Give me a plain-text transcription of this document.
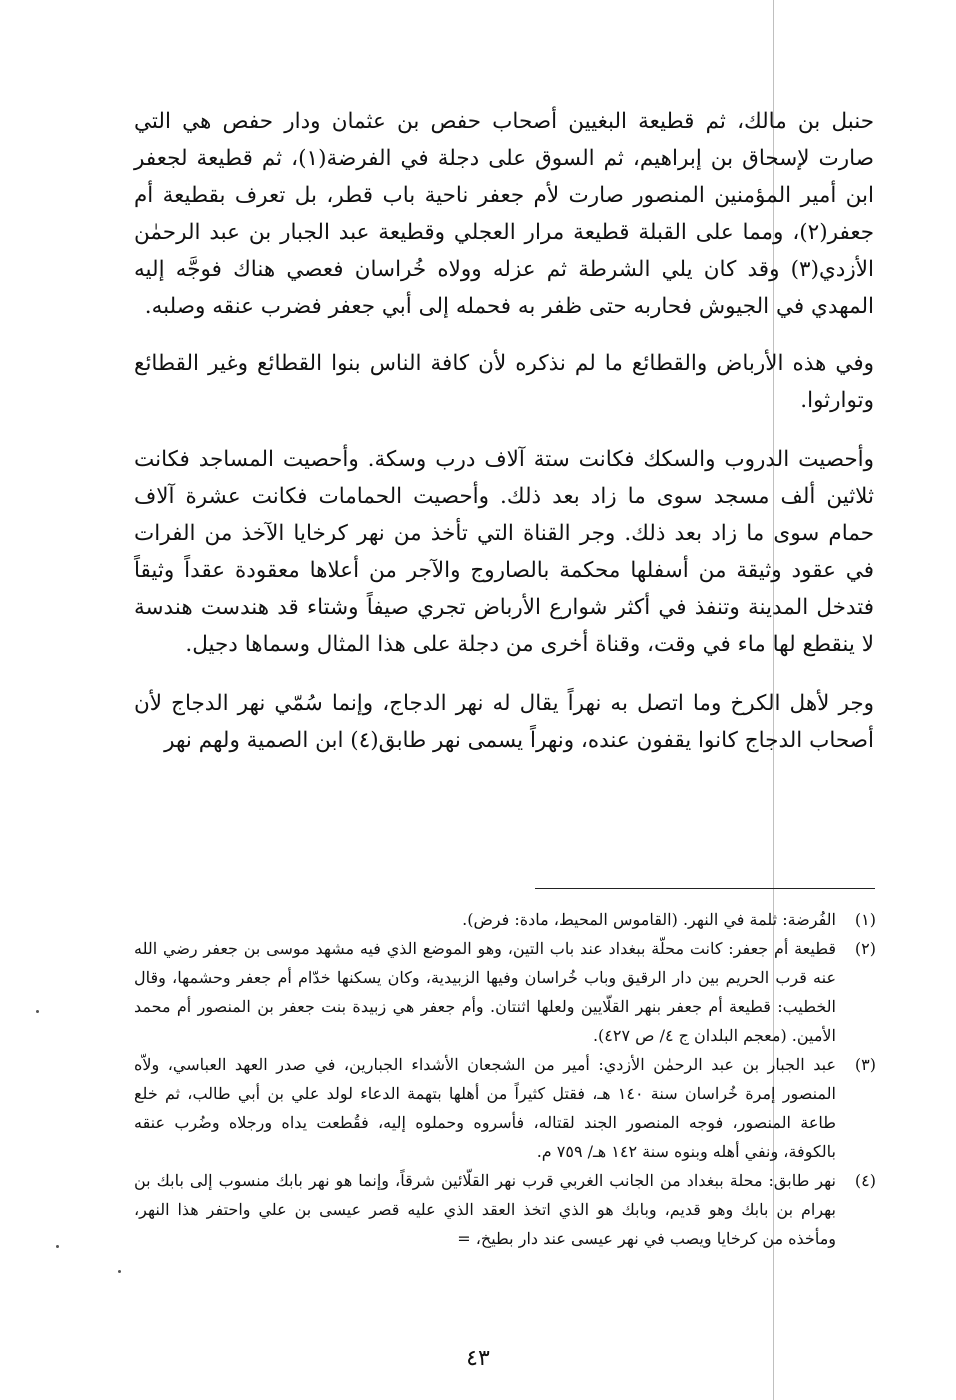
حنبل بن مالك، ثم قطيعة البغيين أصحاب حفص بن عثمان ودار حفص هي التي صارت لإسحاق بن إبراهيم، ثم السوق على دجلة في الفرضة(١)، ثم قطيعة لجعفر ابن أمير المؤمنين المنصور صارت لأم جعفر ناحية باب قطر، بل تعرف بقطيعة أم جعفر(٢)، ومما على القبلة قطيعة مرار العجلي وقطيعة عبد الجبار بن عبد الرحمٰن الأزدي(٣) وقد كان يلي الشرطة ثم عزله وولاه خُراسان فعصي هناك فوجَّه إليه المهدي في الجيوش فحاربه حتى ظفر به فحمله إلى أبي جعفر فضرب عنقه وصلبه.

وفي هذه الأرباض والقطائع ما لم نذكره لأن كافة الناس بنوا القطائع وغير القطائع وتوارثوا.

وأحصيت الدروب والسكك فكانت ستة آلاف درب وسكة. وأحصيت المساجد فكانت ثلاثين ألف مسجد سوى ما زاد بعد ذلك. وأحصيت الحمامات فكانت عشرة آلاف حمام سوى ما زاد بعد ذلك. وجر القناة التي تأخذ من نهر كرخايا الآخذ من الفرات في عقود وثيقة من أسفلها محكمة بالصاروج والآجر من أعلاها معقودة عقداً وثيقاً فتدخل المدينة وتنفذ في أكثر شوارع الأرباض تجري صيفاً وشتاء قد هندست هندسة لا ينقطع لها ماء في وقت، وقناة أخرى من دجلة على هذا المثال وسماها دجيل.

وجر لأهل الكرخ وما اتصل به نهراً يقال له نهر الدجاج، وإنما سُمّي نهر الدجاج لأن أصحاب الدجاج كانوا يقفون عنده، ونهراً يسمى نهر طابق(٤) ابن الصمية ولهم نهر

(١)
الفُرضة: ثلمة في النهر. (القاموس المحيط، مادة: فرض).
(٢)
قطيعة أم جعفر: كانت محلّة ببغداد عند باب التين، وهو الموضع الذي فيه مشهد موسى بن جعفر رضي الله عنه قرب الحريم بين دار الرقيق وباب خُراسان وفيها الزبيدية، وكان يسكنها خدّام أم جعفر وحشمها، وقال الخطيب: قطيعة أم جعفر بنهر القلّايين ولعلها اثنتان. وأم جعفر هي زبيدة بنت جعفر بن المنصور أم محمد الأمين. (معجم البلدان ج ٤/ ص ٤٢٧).
(٣)
عبد الجبار بن عبد الرحمٰن الأزدي: أمير من الشجعان الأشداء الجبارين، في صدر العهد العباسي، ولاّه المنصور إمرة خُراسان سنة ١٤٠ هـ، فقتل كثيراً من أهلها بتهمة الدعاء لولد علي بن أبي طالب، ثم خلع طاعة المنصور، فوجه المنصور الجند لقتاله، فأسروه وحملوه إليه، فقُطعت يداه ورجلاه وضُرب عنقه بالكوفة، ونفي أهله وبنوه سنة ١٤٢ هـ/ ٧٥٩ م.
(٤)
نهر طابق: محلة ببغداد من الجانب الغربي قرب نهر القلّائين شرقاً، وإنما هو نهر بابك منسوب إلى بابك بن بهرام بن بابك وهو قديم، وبابك هو الذي اتخذ العقد الذي عليه قصر عيسى بن علي واحتفر هذا النهر، ومأخذه من كرخايا ويصب في نهر عيسى عند دار بطيخ، =
٤٣
